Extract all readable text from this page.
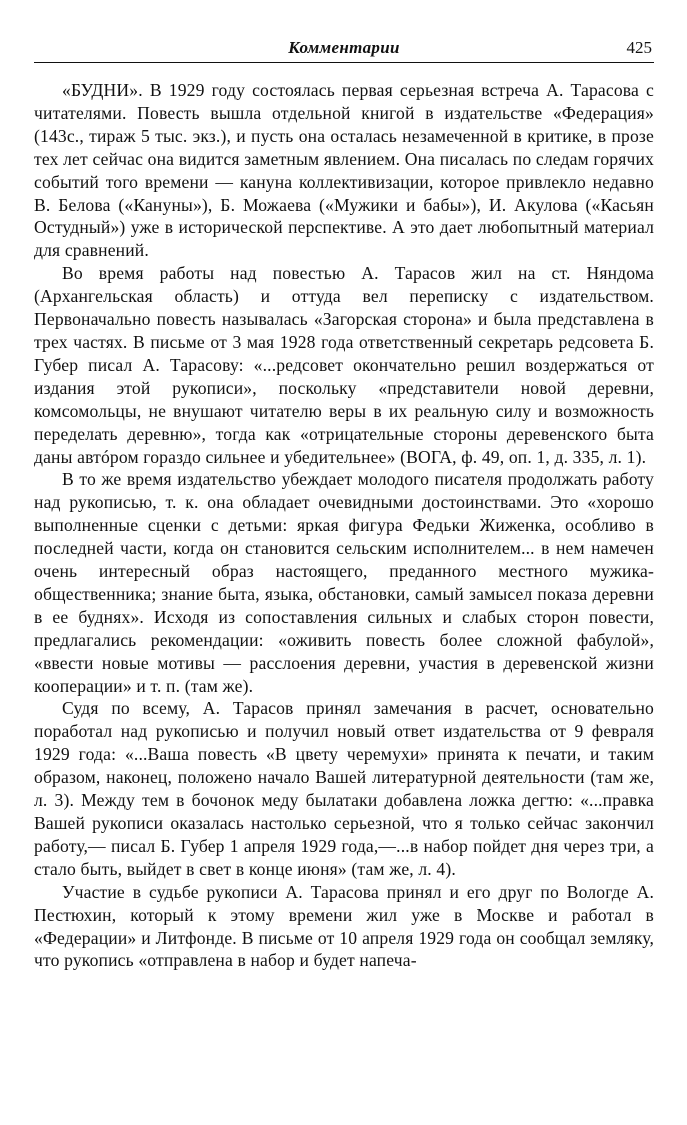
Комментарии	425

«БУДНИ». В 1929 году состоялась первая серьезная встреча А. Тарасова с читателями. Повесть вышла отдельной книгой в издательстве «Федерация» (143с., тираж 5 тыс. экз.), и пусть она осталась незамеченной в критике, в прозе тех лет сейчас она видится заметным явлением. Она писалась по следам горячих событий того времени — кануна коллективизации, которое привлекло недавно В. Белова («Кануны»), Б. Можаева («Мужики и бабы»), И. Акулова («Касьян Остудный») уже в исторической перспективе. А это дает любопытный материал для сравнений.

Во время работы над повестью А. Тарасов жил на ст. Няндома (Архангельская область) и оттуда вел переписку с издательством. Первоначально повесть называлась «Загорская сторона» и была представлена в трех частях. В письме от 3 мая 1928 года ответственный секретарь редсовета Б. Губер писал А. Тарасову: «...редсовет окончательно решил воздержаться от издания этой рукописи», поскольку «представители новой деревни, комсомольцы, не внушают читателю веры в их реальную силу и возможность переделать деревню», тогда как «отрицательные стороны деревенского быта даны автóром гораздо сильнее и убедительнее» (ВОГА, ф. 49, оп. 1, д. 335, л. 1).

В то же время издательство убеждает молодого писателя продолжать работу над рукописью, т. к. она обладает очевидными достоинствами. Это «хорошо выполненные сценки с детьми: яркая фигура Федьки Жиженка, особливо в последней части, когда он становится сельским исполнителем... в нем намечен очень интересный образ настоящего, преданного местного мужика-общественника; знание быта, языка, обстановки, самый замысел показа деревни в ее буднях». Исходя из сопоставления сильных и слабых сторон повести, предлагались рекомендации: «оживить повесть более сложной фабулой», «ввести новые мотивы — расслоения деревни, участия в деревенской жизни кооперации» и т. п. (там же).

Судя по всему, А. Тарасов принял замечания в расчет, основательно поработал над рукописью и получил новый ответ издательства от 9 февраля 1929 года: «...Ваша повесть «В цвету черемухи» принята к печати, и таким образом, наконец, положено начало Вашей литературной деятельности (там же, л. 3). Между тем в бочонок меду былатаки добавлена ложка дегтю: «...правка Вашей рукописи оказалась настолько серьезной, что я только сейчас закончил работу,— писал Б. Губер 1 апреля 1929 года,—...в набор пойдет дня через три, а стало быть, выйдет в свет в конце июня» (там же, л. 4).

Участие в судьбе рукописи А. Тарасова принял и его друг по Вологде А. Пестюхин, который к этому времени жил уже в Москве и работал в «Федерации» и Литфонде. В письме от 10 апреля 1929 года он сообщал земляку, что рукопись «отправлена в набор и будет напеча-
